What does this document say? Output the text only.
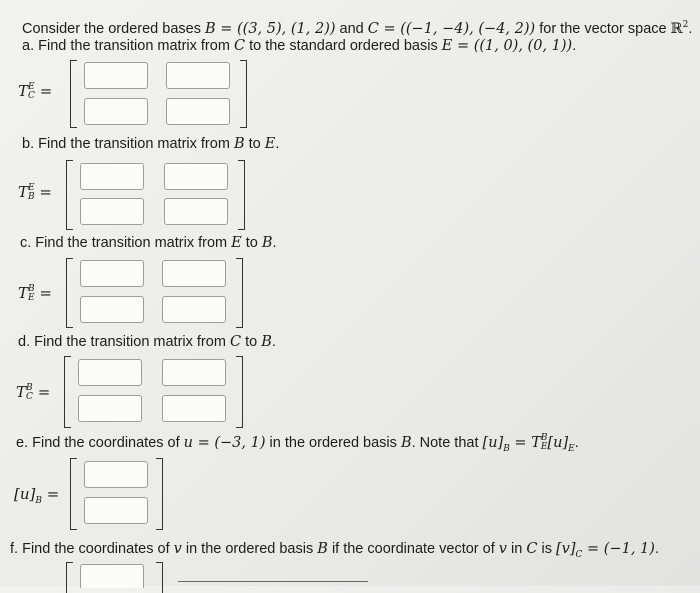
Consider the ordered bases B = ((3, 5), (1, 2)) and C = ((−1, −4), (−4, 2)) for the vector space ℝ$^2$.
a. Find the transition matrix from C to the standard ordered basis E = ((1, 0), (0, 1)).
T E
C =
b. Find the transition matrix from B to E.
T E
B =
c. Find the transition matrix from E to B.
T B
E =
d. Find the transition matrix from C to B.
T B
C =
e. Find the coordinates of u = (−3, 1) in the ordered basis B. Note that $[u]_B = T$ B
E $[u]_E$.
$[u]_B$ =
f. Find the coordinates of v in the ordered basis B if the coordinate vector of v in C is $[v]_C = (-1$, 1).
